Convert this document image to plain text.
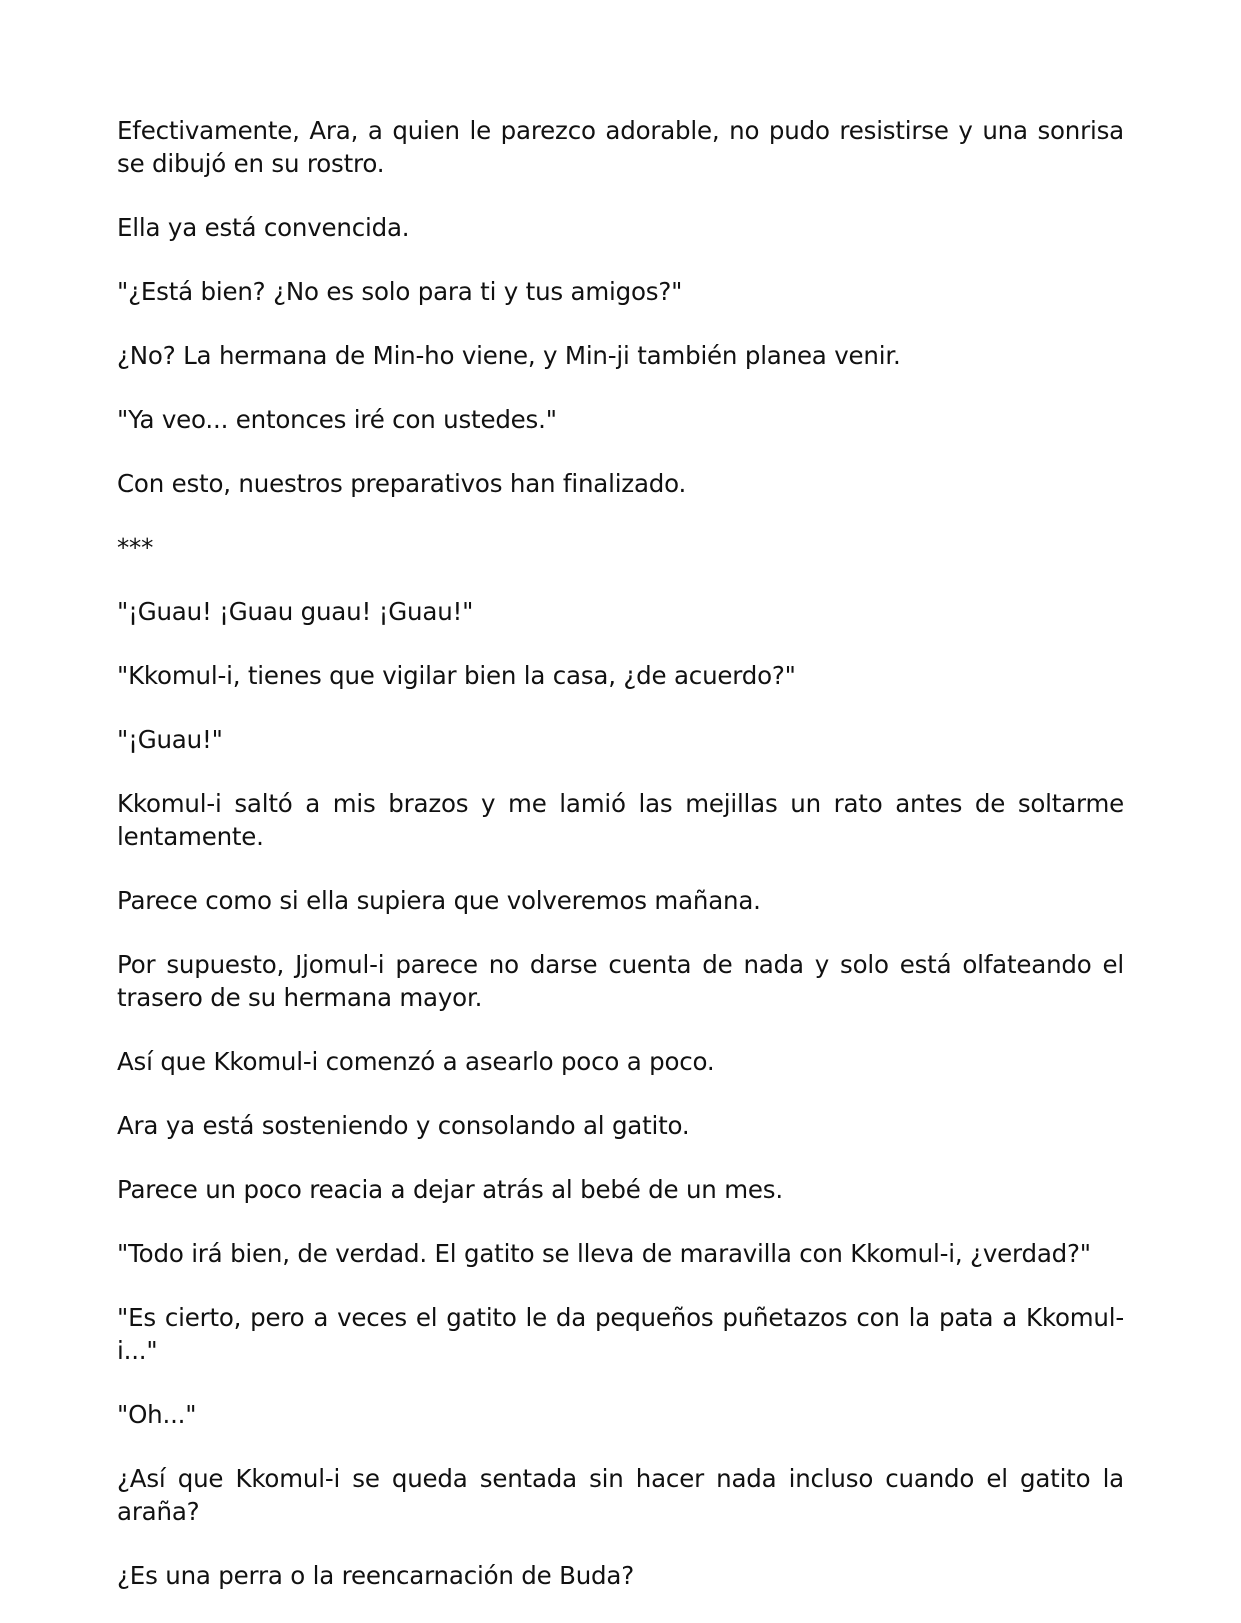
Efectivamente, Ara, a quien le parezco adorable, no pudo resistirse y una sonrisa se dibujó en su rostro.

Ella ya está convencida.

"¿Está bien? ¿No es solo para ti y tus amigos?"

¿No? La hermana de Min-ho viene, y Min-ji también planea venir.

"Ya veo... entonces iré con ustedes."

Con esto, nuestros preparativos han finalizado.

***

"¡Guau! ¡Guau guau! ¡Guau!"

"Kkomul-i, tienes que vigilar bien la casa, ¿de acuerdo?"

"¡Guau!"

Kkomul-i saltó a mis brazos y me lamió las mejillas un rato antes de soltarme lentamente.

Parece como si ella supiera que volveremos mañana.

Por supuesto, Jjomul-i parece no darse cuenta de nada y solo está olfateando el trasero de su hermana mayor.

Así que Kkomul-i comenzó a asearlo poco a poco.

Ara ya está sosteniendo y consolando al gatito.

Parece un poco reacia a dejar atrás al bebé de un mes.

"Todo irá bien, de verdad. El gatito se lleva de maravilla con Kkomul-i, ¿verdad?"

"Es cierto, pero a veces el gatito le da pequeños puñetazos con la pata a Kkomul-i..."

"Oh..."

¿Así que Kkomul-i se queda sentada sin hacer nada incluso cuando el gatito la araña?

¿Es una perra o la reencarnación de Buda?
